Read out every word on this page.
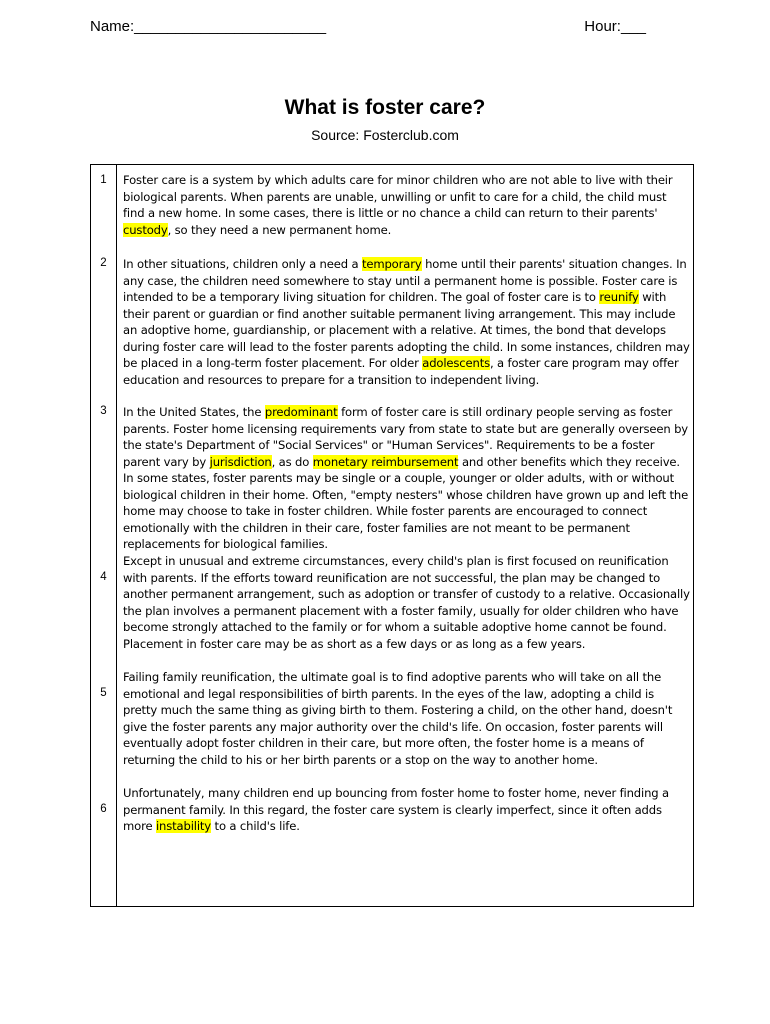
Name:_______________________	Hour:___
What is foster care?
Source: Fosterclub.com
1
2
3
4
5
6
Foster care is a system by which adults care for minor children who are not able to live with their biological parents. When parents are unable, unwilling or unfit to care for a child, the child must find a new home. In some cases, there is little or no chance a child can return to their parents' custody, so they need a new permanent home.
In other situations, children only a need a temporary home until their parents' situation changes. In any case, the children need somewhere to stay until a permanent home is possible. Foster care is intended to be a temporary living situation for children. The goal of foster care is to reunify with their parent or guardian or find another suitable permanent living arrangement. This may include an adoptive home, guardianship, or placement with a relative. At times, the bond that develops during foster care will lead to the foster parents adopting the child. In some instances, children may be placed in a long-term foster placement. For older adolescents, a foster care program may offer education and resources to prepare for a transition to independent living.
In the United States, the predominant form of foster care is still ordinary people serving as foster parents. Foster home licensing requirements vary from state to state but are generally overseen by the state's Department of "Social Services" or "Human Services". Requirements to be a foster parent vary by jurisdiction, as do monetary reimbursement and other benefits which they receive. In some states, foster parents may be single or a couple, younger or older adults, with or without biological children in their home. Often, "empty nesters" whose children have grown up and left the home may choose to take in foster children. While foster parents are encouraged to connect emotionally with the children in their care, foster families are not meant to be permanent replacements for biological families.
Except in unusual and extreme circumstances, every child's plan is first focused on reunification with parents. If the efforts toward reunification are not successful, the plan may be changed to another permanent arrangement, such as adoption or transfer of custody to a relative. Occasionally the plan involves a permanent placement with a foster family, usually for older children who have become strongly attached to the family or for whom a suitable adoptive home cannot be found. Placement in foster care may be as short as a few days or as long as a few years.
Failing family reunification, the ultimate goal is to find adoptive parents who will take on all the emotional and legal responsibilities of birth parents. In the eyes of the law, adopting a child is pretty much the same thing as giving birth to them. Fostering a child, on the other hand, doesn't give the foster parents any major authority over the child's life. On occasion, foster parents will eventually adopt foster children in their care, but more often, the foster home is a means of returning the child to his or her birth parents or a stop on the way to another home.
Unfortunately, many children end up bouncing from foster home to foster home, never finding a permanent family. In this regard, the foster care system is clearly imperfect, since it often adds more instability to a child's life.
